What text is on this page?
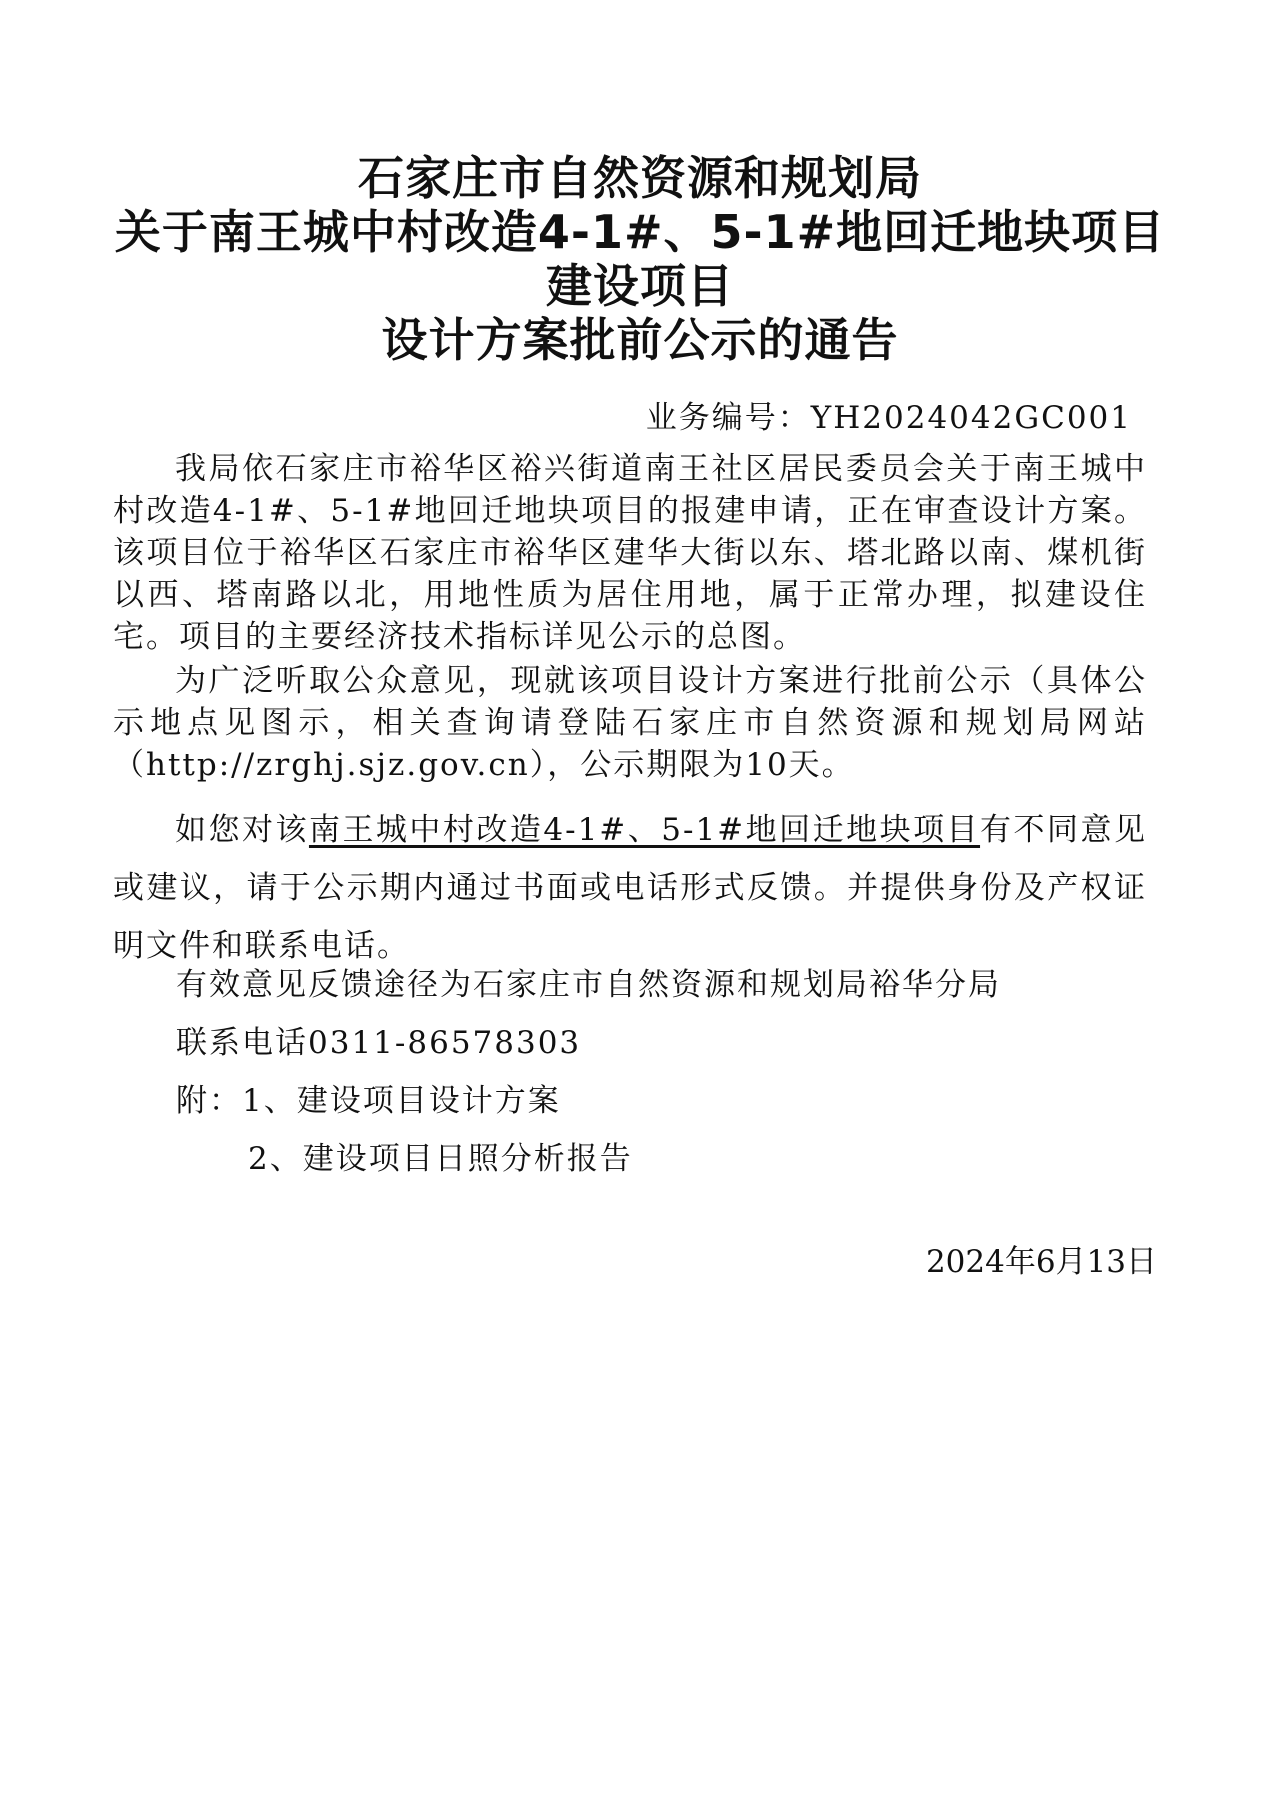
石家庄市自然资源和规划局
关于南王城中村改造4-1#、5-1#地回迁地块项目
建设项目
设计方案批前公示的通告
业务编号：YH2024042GC001

我局依石家庄市裕华区裕兴街道南王社区居民委员会关于南王城中村改造4-1#、5-1#地回迁地块项目的报建申请，正在审查设计方案。该项目位于裕华区石家庄市裕华区建华大街以东、塔北路以南、煤机街以西、塔南路以北，用地性质为居住用地，属于正常办理，拟建设住宅。项目的主要经济技术指标详见公示的总图。

为广泛听取公众意见，现就该项目设计方案进行批前公示（具体公示地点见图示，相关查询请登陆石家庄市自然资源和规划局网站（http://zrghj.sjz.gov.cn），公示期限为10天。

如您对该南王城中村改造4-1#、5-1#地回迁地块项目有不同意见或建议，请于公示期内通过书面或电话形式反馈。并提供身份及产权证明文件和联系电话。

有效意见反馈途径为石家庄市自然资源和规划局裕华分局

联系电话0311-86578303

附：1、建设项目设计方案

2、建设项目日照分析报告

2024年6月13日
